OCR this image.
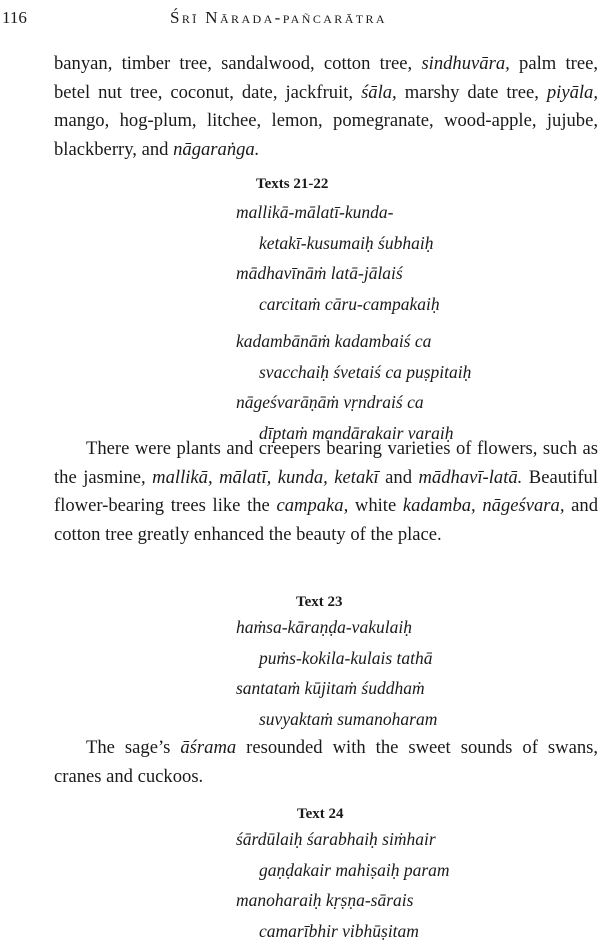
116	Śrī Nārada-pañcarātra

banyan, timber tree, sandalwood, cotton tree, sindhuvāra, palm tree, betel nut tree, coconut, date, jackfruit, śāla, marshy date tree, piyāla, mango, hog-plum, litchee, lemon, pomegranate, wood-apple, jujube, blackberry, and nāgaraṅga.

Texts 21-22
mallikā-mālatī-kunda-
ketakī-kusumaiḥ śubhaiḥ
mādhavīnāṁ latā-jālaiś
carcitaṁ cāru-campakaiḥ
kadambānāṁ kadambaiś ca
svacchaiḥ śvetaiś ca puṣpitaiḥ
nāgeśvarāṇāṁ vṛndraiś ca
dīptaṁ mandārakair varaiḥ

There were plants and creepers bearing varieties of flowers, such as the jasmine, mallikā, mālatī, kunda, ketakī and mādhavī-latā. Beautiful flower-bearing trees like the campaka, white kadamba, nāgeśvara, and cotton tree greatly enhanced the beauty of the place.

Text 23
haṁsa-kāraṇḍa-vakulaiḥ
puṁs-kokila-kulais tathā
santataṁ kūjitaṁ śuddhaṁ
suvyaktaṁ sumanoharam

The sage’s āśrama resounded with the sweet sounds of swans, cranes and cuckoos.

Text 24
śārdūlaiḥ śarabhaiḥ siṁhair
gaṇḍakair mahiṣaiḥ param
manoharaiḥ kṛṣṇa-sārais
camarībhir vibhūṣitam
